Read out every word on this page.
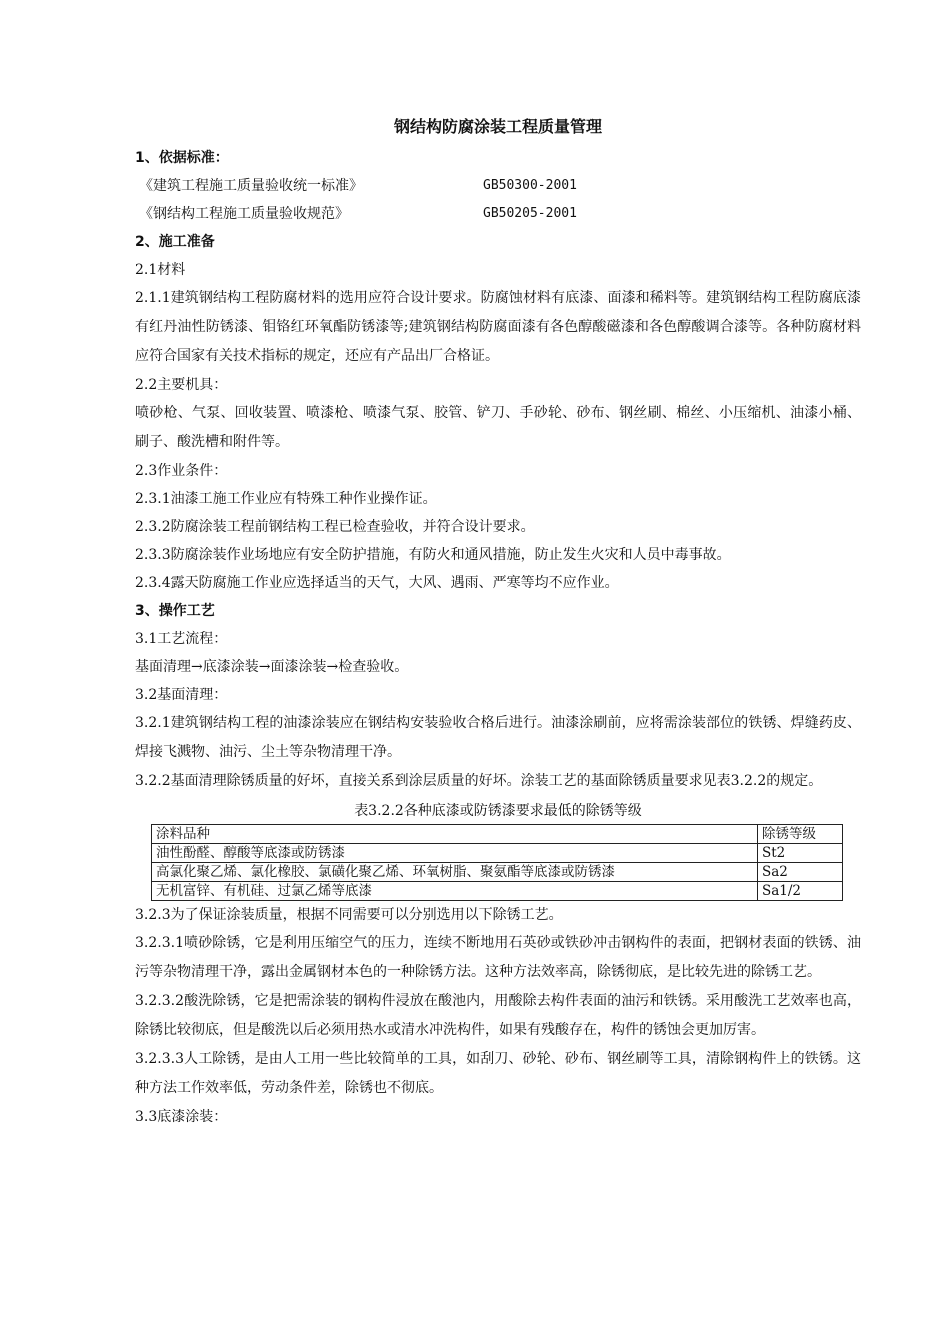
钢结构防腐涂装工程质量管理
1、依据标准：
《建筑工程施工质量验收统一标准》	GB50300-2001
《钢结构工程施工质量验收规范》	GB50205-2001
2、施工准备
2.1材料
2.1.1建筑钢结构工程防腐材料的选用应符合设计要求。防腐蚀材料有底漆、面漆和稀料等。建筑钢结构工程防腐底漆有红丹油性防锈漆、钼铬红环氧酯防锈漆等;建筑钢结构防腐面漆有各色醇酸磁漆和各色醇酸调合漆等。各种防腐材料应符合国家有关技术指标的规定，还应有产品出厂合格证。
2.2主要机具：
喷砂枪、气泵、回收装置、喷漆枪、喷漆气泵、胶管、铲刀、手砂轮、砂布、钢丝刷、棉丝、小压缩机、油漆小桶、刷子、酸洗槽和附件等。
2.3作业条件：
2.3.1油漆工施工作业应有特殊工种作业操作证。
2.3.2防腐涂装工程前钢结构工程已检查验收，并符合设计要求。
2.3.3防腐涂装作业场地应有安全防护措施，有防火和通风措施，防止发生火灾和人员中毒事故。
2.3.4露天防腐施工作业应选择适当的天气，大风、遇雨、严寒等均不应作业。
3、操作工艺
3.1工艺流程：
基面清理→底漆涂装→面漆涂装→检查验收。
3.2基面清理：
3.2.1建筑钢结构工程的油漆涂装应在钢结构安装验收合格后进行。油漆涂刷前，应将需涂装部位的铁锈、焊缝药皮、焊接飞溅物、油污、尘土等杂物清理干净。
3.2.2基面清理除锈质量的好坏，直接关系到涂层质量的好坏。涂装工艺的基面除锈质量要求见表3.2.2的规定。
表3.2.2各种底漆或防锈漆要求最低的除锈等级
涂料品种	除锈等级
油性酚醛、醇酸等底漆或防锈漆	St2
高氯化聚乙烯、氯化橡胶、氯磺化聚乙烯、环氧树脂、聚氨酯等底漆或防锈漆	Sa2
无机富锌、有机硅、过氯乙烯等底漆	Sa1/2
3.2.3为了保证涂装质量，根据不同需要可以分别选用以下除锈工艺。
3.2.3.1喷砂除锈，它是利用压缩空气的压力，连续不断地用石英砂或铁砂冲击钢构件的表面，把钢材表面的铁锈、油污等杂物清理干净，露出金属钢材本色的一种除锈方法。这种方法效率高，除锈彻底，是比较先进的除锈工艺。
3.2.3.2酸洗除锈，它是把需涂装的钢构件浸放在酸池内，用酸除去构件表面的油污和铁锈。采用酸洗工艺效率也高，除锈比较彻底，但是酸洗以后必须用热水或清水冲洗构件，如果有残酸存在，构件的锈蚀会更加厉害。
3.2.3.3人工除锈，是由人工用一些比较简单的工具，如刮刀、砂轮、砂布、钢丝刷等工具，清除钢构件上的铁锈。这种方法工作效率低，劳动条件差，除锈也不彻底。
3.3底漆涂装：
